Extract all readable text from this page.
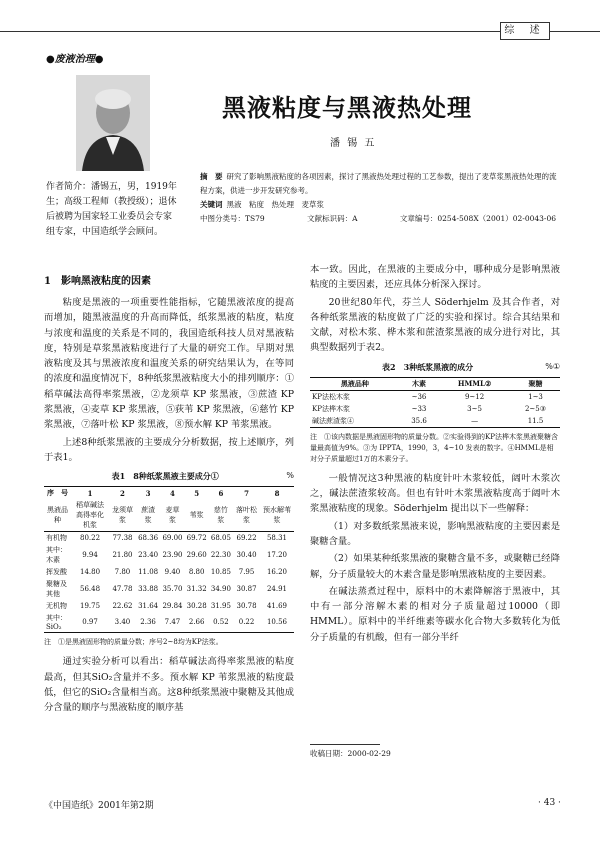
综 述
●废液治理●
作者简介：潘锡五，男，1919年生；高级工程师（教授级）；退休后被聘为国家轻工业委员会专家组专家，中国造纸学会顾问。
黑液粘度与黑液热处理
潘 锡 五
摘　要 研究了影响黑液粘度的各项因素，探讨了黑液热处理过程的工艺参数，提出了麦草浆黑液热处理的流程方案，供进一步开发研究参考。
关键词 黑液　粘度　热处理　麦草浆
中图分类号：TS79	文献标识码：A	文章编号：0254-508X（2001）02-0043-06
1　影响黑液粘度的因素

粘度是黑液的一项重要性能指标，它随黑液浓度的提高而增加，随黑液温度的升高而降低，纸浆黑液的粘度，粘度与浓度和温度的关系是不同的，我国造纸科技人员对黑液粘度，特别是草浆黑液粘度进行了大量的研究工作。早期对黑液粘度及其与黑液浓度和温度关系的研究结果认为，在等同的浓度和温度情况下，8种纸浆黑液粘度大小的排列顺序：①稻草碱法高得率浆黑液，②龙须草 KP 浆黑液，③蔗渣 KP 浆黑液，④麦草 KP 浆黑液，⑤荻苇 KP 浆黑液，⑥慈竹 KP 浆黑液，⑦落叶松 KP 浆黑液，⑧预水解 KP 苇浆黑液。

上述8种纸浆黑液的主要成分分析数据，按上述顺序，列于表1。

表1　8种纸浆黑液主要成分①	%
序　号	1	2	3	4	5	6	7	8
黑液品种	稻草碱法高得率化机浆	龙须草浆	蔗渣浆	麦草浆	苇浆	慈竹浆	落叶松浆	预水解苇浆
有机物	80.22	77.38	68.36	69.00	69.72	68.05	69.22	58.31
其中：木素	9.94	21.80	23.40	23.90	29.60	22.30	30.40	17.20
挥发酸	14.80	7.80	11.08	9.40	8.80	10.85	7.95	16.20
聚糖及其他	56.48	47.78	33.88	35.70	31.32	34.90	30.87	24.91
无机物	19.75	22.62	31.64	29.84	30.28	31.95	30.78	41.69
其中：SiO₂	0.97	3.40	2.36	7.47	2.66	0.52	0.22	10.56
注　①是黑液固形物的质量分数；序号2~8均为KP法浆。

通过实验分析可以看出：稻草碱法高得率浆黑液的粘度最高，但其SiO₂含量并不多。预水解 KP 苇浆黑液的粘度最低，但它的SiO₂含量相当高。这8种纸浆黑液中聚糖及其他成分含量的顺序与黑液粘度的顺序基

本一致。因此，在黑液的主要成分中，哪种成分是影响黑液粘度的主要因素，还应具体分析深入探讨。

20世纪80年代，芬兰人 Söderhjelm 及其合作者，对各种纸浆黑液的粘度做了广泛的实验和探讨。综合其结果和文献，对松木浆、桦木浆和蔗渣浆黑液的成分进行对比，其典型数据列于表2。

表2　3种纸浆黑液的成分	%①
黑液品种	木素	HMML②	聚糖
KP法松木浆	~36	9~12	1~3
KP法桦木浆	~33	3~5	2~5③
碱法蔗渣浆④	35.6	—	11.5
注　①该内数据是黑液固形物的质量分数。②实验得到的KP法桦木浆黑液聚糖含量最高值为9%。③为 IPPTA，1990，3，4~10 发表的数字。④HMML是相对分子质量超过1万的木素分子。

一般情况这3种黑液的粘度针叶木浆较低，阔叶木浆次之，碱法蔗渣浆较高。但也有针叶木浆黑液粘度高于阔叶木浆黑液粘度的现象。Söderhjelm 提出以下一些解释：

（1）对多数纸浆黑液来说，影响黑液粘度的主要因素是聚糖含量。

（2）如果某种纸浆黑液的聚糖含量不多，或聚糖已经降解，分子质量较大的木素含量是影响黑液粘度的主要因素。

在碱法蒸煮过程中，原料中的木素降解溶于黑液中，其中有一部分溶解木素的相对分子质量超过10000（即 HMML）。原料中的半纤维素等碳水化合物大多数转化为低分子质量的有机酸，但有一部分半纤

收稿日期：2000-02-29
《中国造纸》2001年第2期	· 43 ·
